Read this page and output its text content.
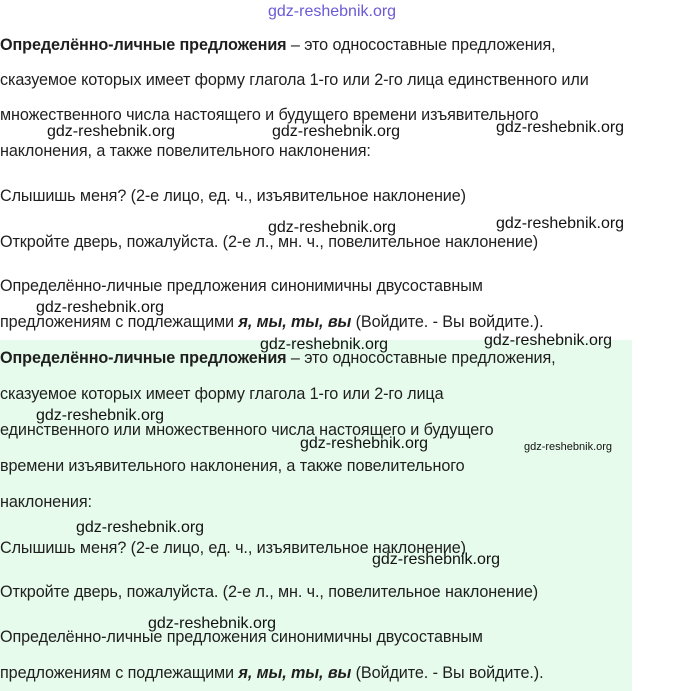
Определённо-личные предложения – это односоставные предложения,
сказуемое которых имеет форму глагола 1-го или 2-го лица единственного или
множественного числа настоящего и будущего времени изъявительного
наклонения, а также повелительного наклонения:
Слышишь меня? (2-е лицо, ед. ч., изъявительное наклонение)
Откройте дверь, пожалуйста. (2-е л., мн. ч., повелительное наклонение)
Определённо-личные предложения синонимичны двусоставным
предложениям с подлежащими я, мы, ты, вы (Войдите. - Вы войдите.).
Определённо-личные предложения – это односоставные предложения,
сказуемое которых имеет форму глагола 1-го или 2-го лица
единственного или множественного числа настоящего и будущего
времени изъявительного наклонения, а также повелительного
наклонения:
Слышишь меня? (2-е лицо, ед. ч., изъявительное наклонение)
Откройте дверь, пожалуйста. (2-е л., мн. ч., повелительное наклонение)
Определённо-личные предложения синонимичны двусоставным
предложениям с подлежащими я, мы, ты, вы (Войдите. - Вы войдите.).
gdz-reshebnik.org
gdz-reshebnik.org	gdz-reshebnik.org	gdz-reshebnik.org
gdz-reshebnik.org	gdz-reshebnik.org
gdz-reshebnik.org
gdz-reshebnik.org	gdz-reshebnik.org
gdz-reshebnik.org
gdz-reshebnik.org	gdz-reshebnik.org
gdz-reshebnik.org
gdz-reshebnik.org
gdz-reshebnik.org
